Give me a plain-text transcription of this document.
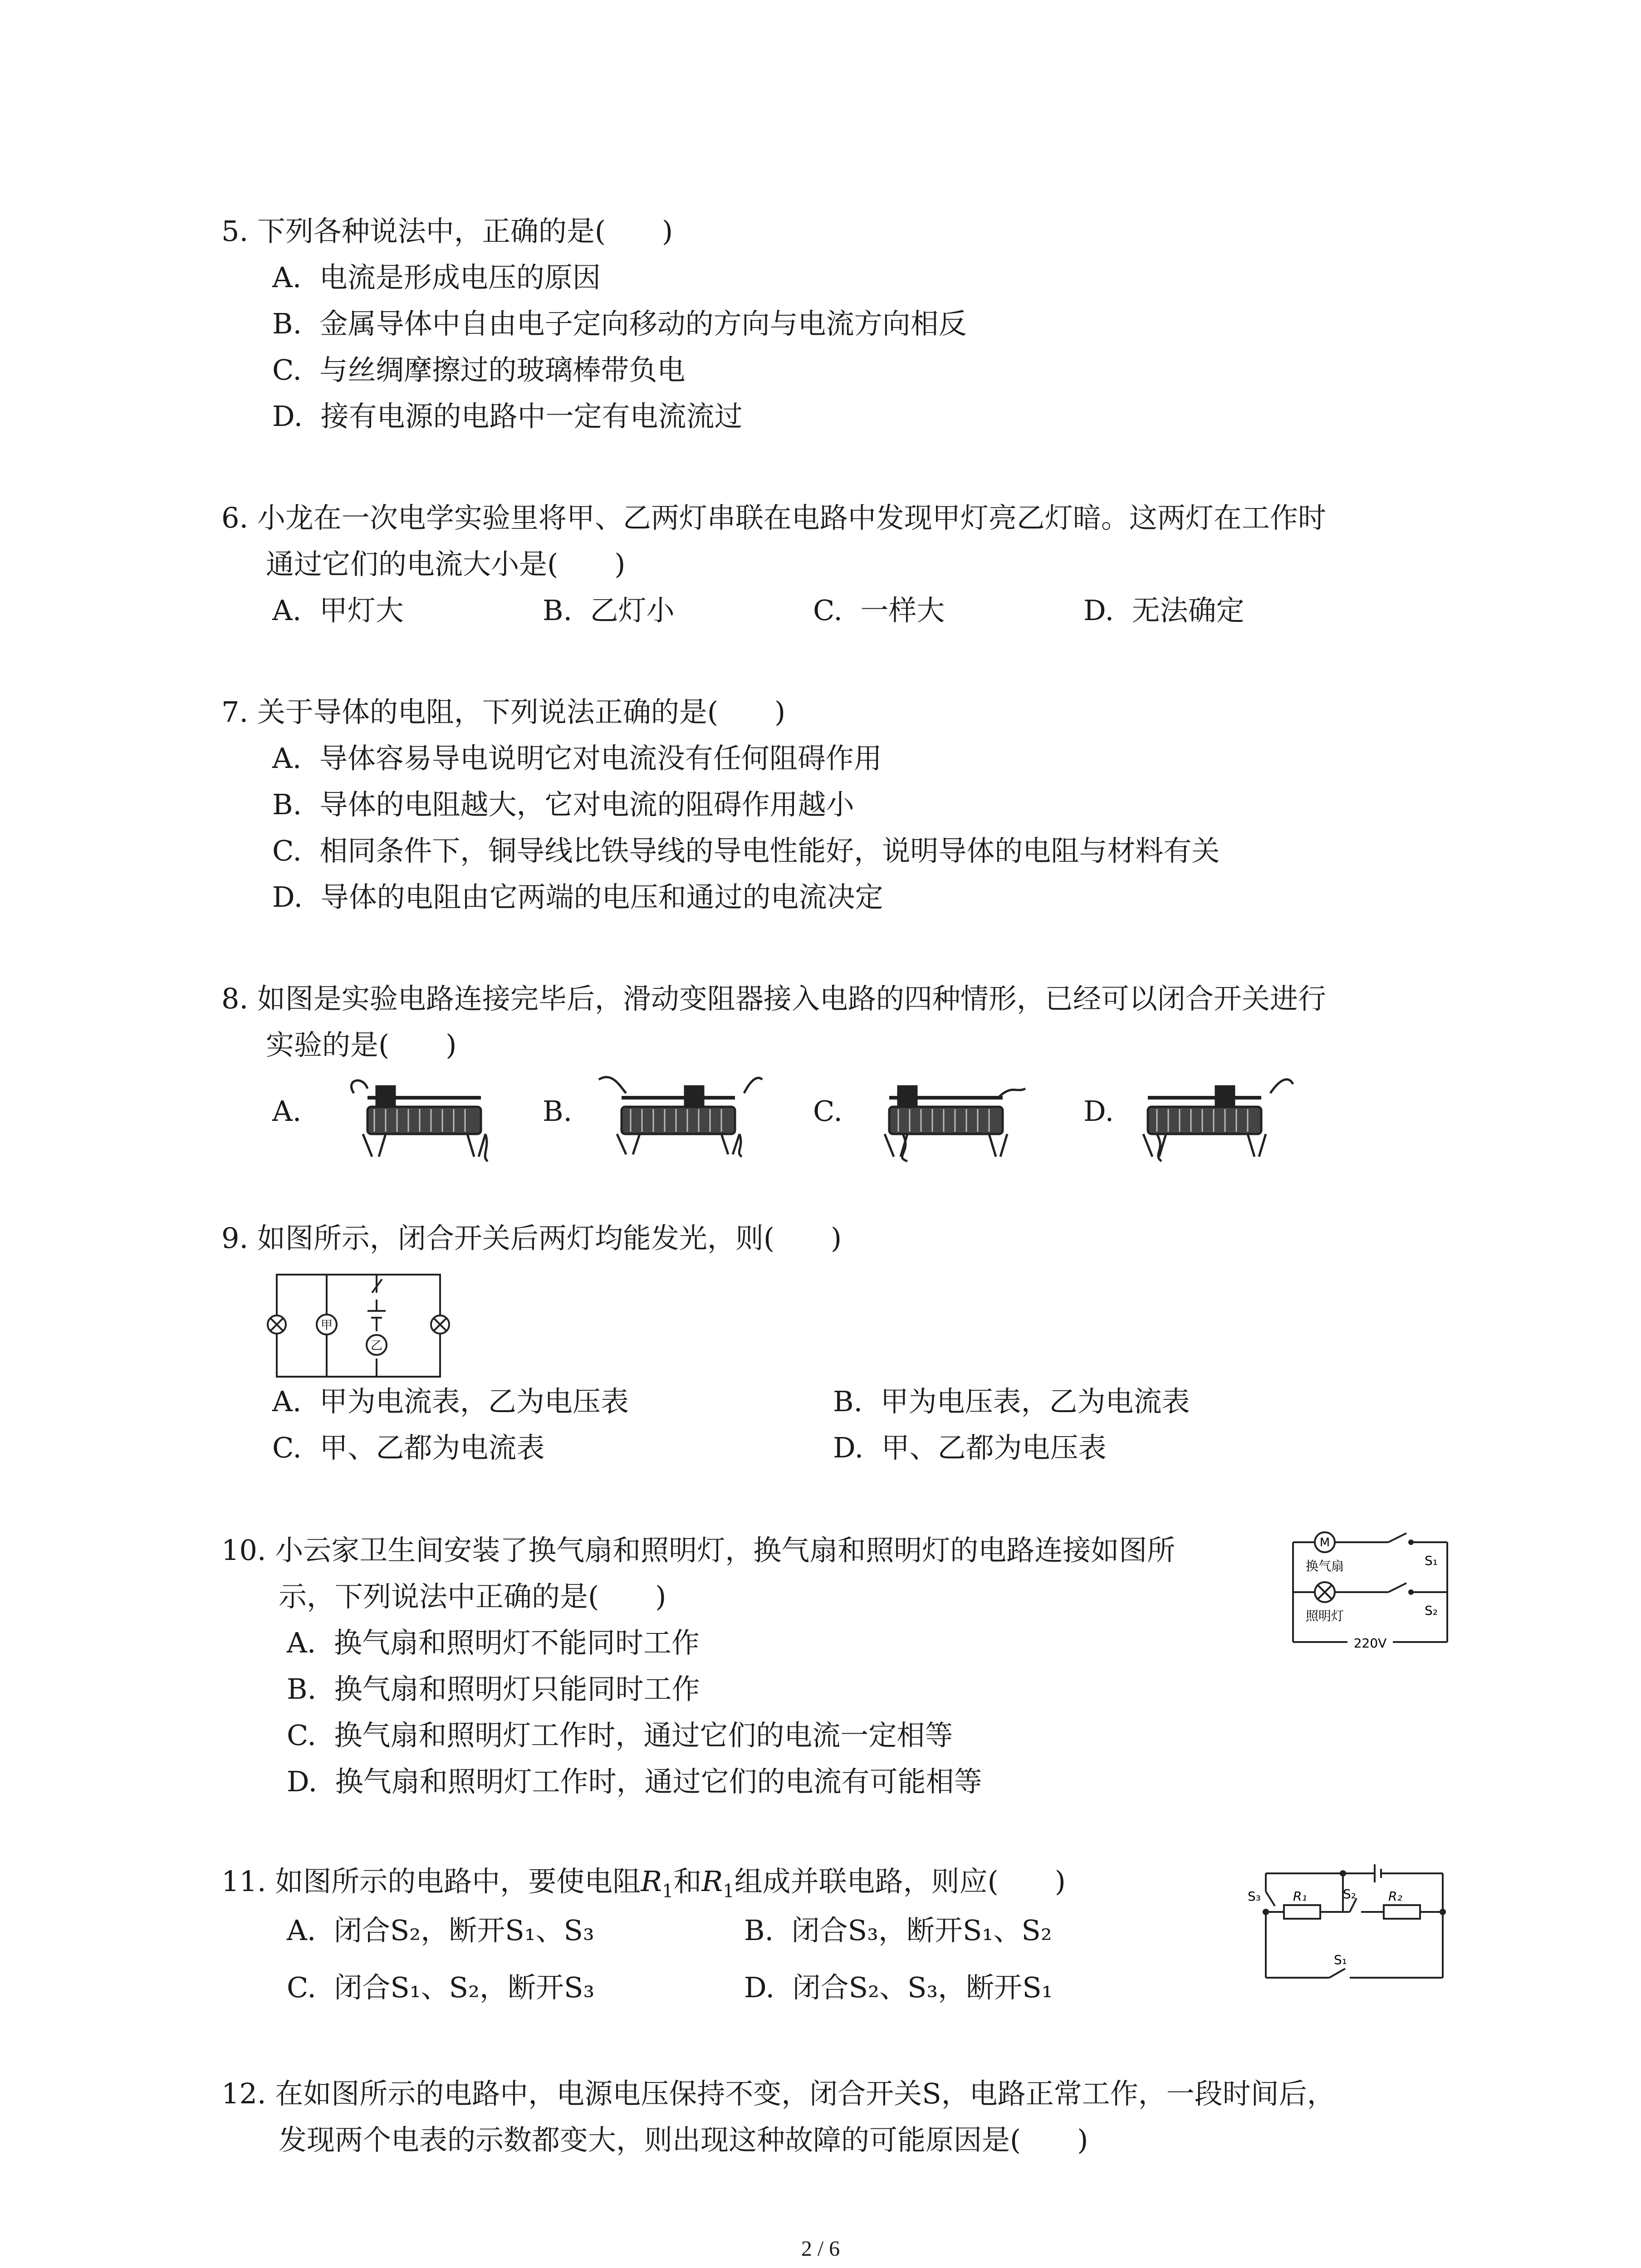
5. 下列各种说法中，正确的是(　　)
A.  电流是形成电压的原因
B.  金属导体中自由电子定向移动的方向与电流方向相反
C.  与丝绸摩擦过的玻璃棒带负电
D.  接有电源的电路中一定有电流流过
6. 小龙在一次电学实验里将甲、乙两灯串联在电路中发现甲灯亮乙灯暗。这两灯在工作时
通过它们的电流大小是(　　)
A.  甲灯大	B.  乙灯小	C.  一样大	D.  无法确定
7. 关于导体的电阻，下列说法正确的是(　　)
A.  导体容易导电说明它对电流没有任何阻碍作用
B.  导体的电阻越大，它对电流的阻碍作用越小
C.  相同条件下，铜导线比铁导线的导电性能好，说明导体的电阻与材料有关
D.  导体的电阻由它两端的电压和通过的电流决定
8. 如图是实验电路连接完毕后，滑动变阻器接入电路的四种情形，已经可以闭合开关进行
实验的是(　　)
A.	B.	C.	D.
9. 如图所示，闭合开关后两灯均能发光，则(　　)
甲
乙
A.  甲为电流表，乙为电压表	B.  甲为电压表，乙为电流表
C.  甲、乙都为电流表	D.  甲、乙都为电压表
10. 小云家卫生间安装了换气扇和照明灯，换气扇和照明灯的电路连接如图所
示，下列说法中正确的是(　　)
A.  换气扇和照明灯不能同时工作
B.  换气扇和照明灯只能同时工作
C.  换气扇和照明灯工作时，通过它们的电流一定相等
D.  换气扇和照明灯工作时，通过它们的电流有可能相等
M
换气扇
照明灯
S₁
S₂
220V
11. 如图所示的电路中，要使电阻$R_1$和$R_1$组成并联电路，则应(　　)
A.  闭合S₂，断开S₁、S₃	B.  闭合S₃，断开S₁、S₂
C.  闭合S₁、S₂，断开S₃	D.  闭合S₂、S₃，断开S₁
S₃	R₁	S₂	R₂
S₁
12. 在如图所示的电路中，电源电压保持不变，闭合开关S，电路正常工作，一段时间后，
发现两个电表的示数都变大，则出现这种故障的可能原因是(　　)
2 / 6
